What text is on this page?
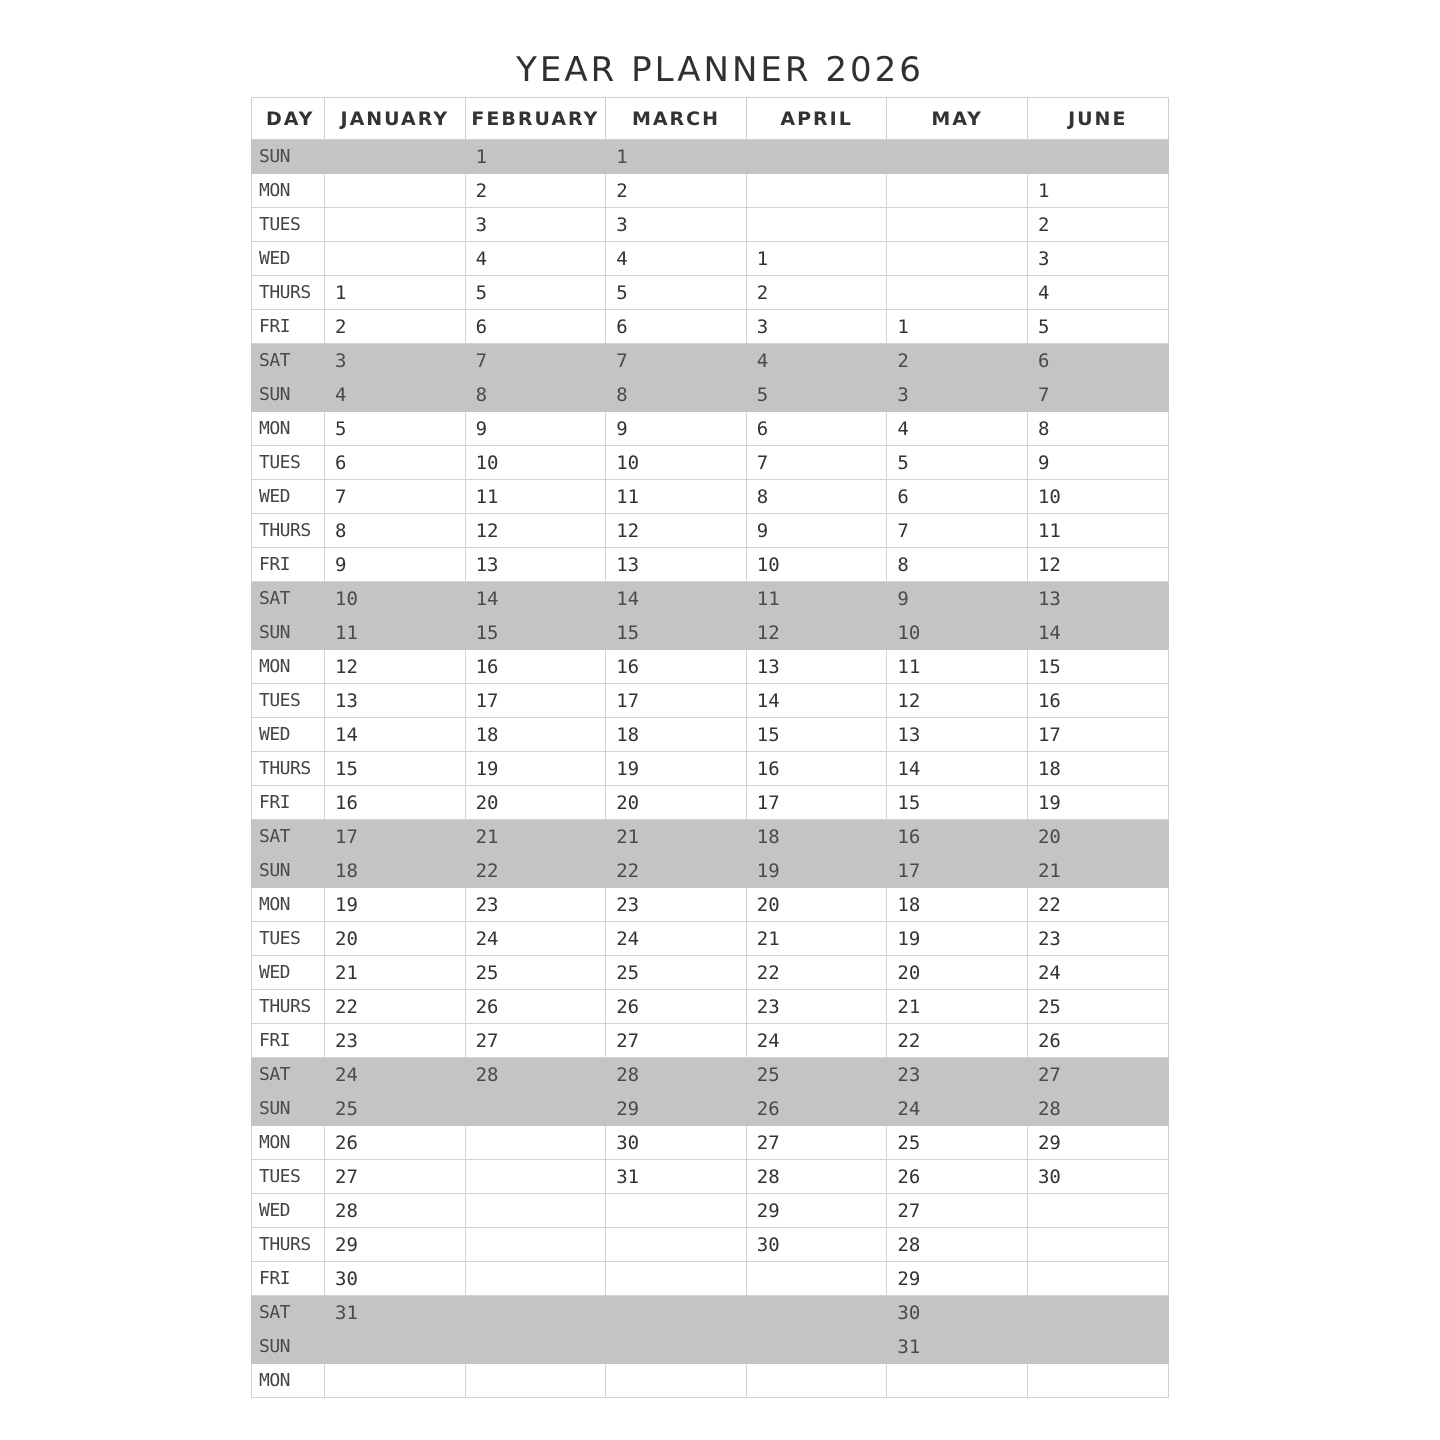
YEAR PLANNER 2026
DAY	JANUARY	FEBRUARY	MARCH	APRIL	MAY	JUNE
SUN		1	1			
MON		2	2			1
TUES		3	3			2
WED		4	4	1		3
THURS	1	5	5	2		4
FRI	2	6	6	3	1	5
SAT	3	7	7	4	2	6
SUN	4	8	8	5	3	7
MON	5	9	9	6	4	8
TUES	6	10	10	7	5	9
WED	7	11	11	8	6	10
THURS	8	12	12	9	7	11
FRI	9	13	13	10	8	12
SAT	10	14	14	11	9	13
SUN	11	15	15	12	10	14
MON	12	16	16	13	11	15
TUES	13	17	17	14	12	16
WED	14	18	18	15	13	17
THURS	15	19	19	16	14	18
FRI	16	20	20	17	15	19
SAT	17	21	21	18	16	20
SUN	18	22	22	19	17	21
MON	19	23	23	20	18	22
TUES	20	24	24	21	19	23
WED	21	25	25	22	20	24
THURS	22	26	26	23	21	25
FRI	23	27	27	24	22	26
SAT	24	28	28	25	23	27
SUN	25		29	26	24	28
MON	26		30	27	25	29
TUES	27		31	28	26	30
WED	28			29	27	
THURS	29			30	28	
FRI	30				29	
SAT	31				30	
SUN					31	
MON						
